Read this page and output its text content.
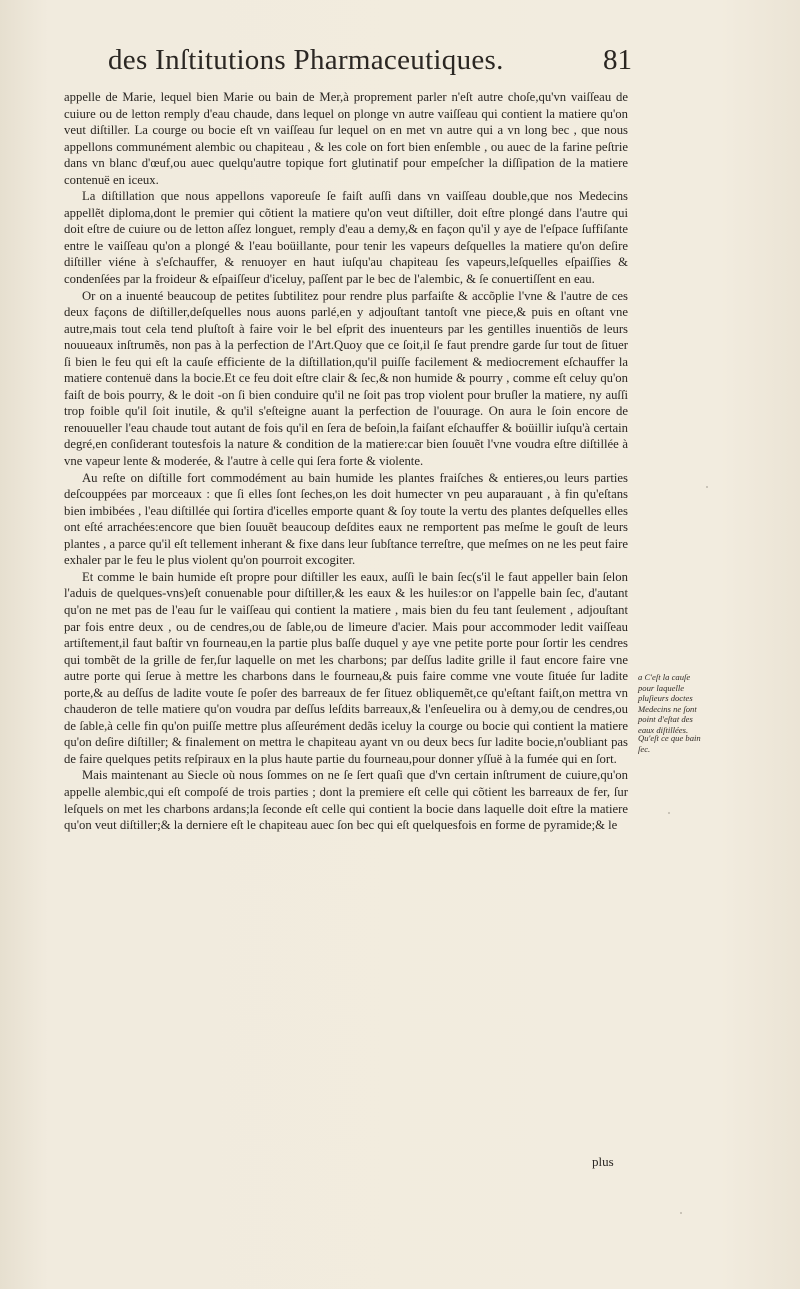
des Inſtitutions Pharmaceutiques.	81

appelle de Marie, lequel bien Marie ou bain de Mer,à proprement parler n'eſt autre choſe,qu'vn vaiſſeau de cuiure ou de letton remply d'eau chaude, dans lequel on plonge vn autre vaiſſeau qui contient la matiere qu'on veut diſtiller. La courge ou bocie eſt vn vaiſſeau ſur lequel on en met vn autre qui a vn long bec , que nous appellons communément alembic ou chapiteau , & les cole on fort bien enſemble , ou auec de la farine peſtrie dans vn blanc d'œuf,ou auec quelqu'autre topique fort glutinatif pour empeſcher la diſſipation de la matiere contenuë en iceux.

La diſtillation que nous appellons vaporeuſe ſe faiſt auſſi dans vn vaiſſeau double,que nos Medecins appellẽt diploma,dont le premier qui cõtient la matiere qu'on veut diſtiller, doit eſtre plongé dans l'autre qui doit eſtre de cuiure ou de letton aſſez longuet, remply d'eau a demy,& en façon qu'il y aye de l'eſpace ſuffiſante entre le vaiſſeau qu'on a plongé & l'eau boüillante, pour tenir les vapeurs deſquelles la matiere qu'on deſire diſtiller viéne à s'eſchauffer, & renuoyer en haut iuſqu'au chapiteau ſes vapeurs,leſquelles eſpaiſſies & condenſées par la froideur & eſpaiſſeur d'iceluy, paſſent par le bec de l'alembic, & ſe conuertiſſent en eau.

Or on a inuenté beaucoup de petites ſubtilitez pour rendre plus parfaiſte & accõplie l'vne & l'autre de ces deux façons de diſtiller,deſquelles nous auons parlé,en y adjouſtant tantoſt vne piece,& puis en oſtant vne autre,mais tout cela tend pluſtoſt à faire voir le bel eſprit des inuenteurs par les gentilles inuentiõs de leurs nouueaux inſtrumẽs, non pas à la perfection de l'Art.Quoy que ce ſoit,il ſe faut prendre garde ſur tout de ſituer ſi bien le feu qui eſt la cauſe efficiente de la diſtillation,qu'il puiſſe facilement & mediocrement eſchauffer la matiere contenuë dans la bocie.Et ce feu doit eſtre clair & ſec,& non humide & pourry , comme eſt celuy qu'on faiſt de bois pourry, & le doit -on ſi bien conduire qu'il ne ſoit pas trop violent pour bruſler la matiere, ny auſſi trop foible qu'il ſoit inutile, & qu'il s'eſteigne auant la perfection de l'ouurage. On aura le ſoin encore de renouueller l'eau chaude tout autant de fois qu'il en ſera de beſoin,la faiſant eſchauffer & boüillir iuſqu'à certain degré,en conſiderant toutesfois la nature & condition de la matiere:car bien ſouuẽt l'vne voudra eſtre diſtillée à vne vapeur lente & moderée, & l'autre à celle qui ſera forte & violente.

Au reſte on diſtille fort commodément au bain humide les plantes fraiſches & entieres,ou leurs parties deſcouppées par morceaux : que ſi elles ſont ſeches,on les doit humecter vn peu auparauant , à fin qu'eſtans bien imbibées , l'eau diſtillée qui ſortira d'icelles emporte quant & ſoy toute la vertu des plantes deſquelles elles ont eſté arrachées:encore que bien ſouuẽt beaucoup deſdites eaux ne remportent pas meſme le gouſt de leurs plantes , a parce qu'il eſt tellement inherant & fixe dans leur ſubſtance terreſtre, que meſmes on ne les peut faire exhaler par le feu le plus violent qu'on pourroit excogiter.

Et comme le bain humide eſt propre pour diſtiller les eaux, auſſi le bain ſec(s'il le faut appeller bain ſelon l'aduis de quelques-vns)eſt conuenable pour diſtiller,& les eaux & les huiles:or on l'appelle bain ſec, d'autant qu'on ne met pas de l'eau ſur le vaiſſeau qui contient la matiere , mais bien du feu tant ſeulement , adjouſtant par fois entre deux , ou de cendres,ou de ſable,ou de limeure d'acier. Mais pour accommoder ledit vaiſſeau artiſtement,il faut baſtir vn fourneau,en la partie plus baſſe duquel y aye vne petite porte pour ſortir les cendres qui tombẽt de la grille de fer,ſur laquelle on met les charbons; par deſſus ladite grille il faut encore faire vne autre porte qui ſerue à mettre les charbons dans le fourneau,& puis faire comme vne voute ſituée ſur ladite porte,& au deſſus de ladite voute ſe poſer des barreaux de fer ſituez obliquemẽt,ce qu'eſtant faiſt,on mettra vn chauderon de telle matiere qu'on voudra par deſſus leſdits barreaux,& l'enſeuelira ou à demy,ou de cendres,ou de ſable,à celle fin qu'on puiſſe mettre plus aſſeurément dedãs iceluy la courge ou bocie qui contient la matiere qu'on deſire diſtiller; & finalement on mettra le chapiteau ayant vn ou deux becs ſur ladite bocie,n'oubliant pas de faire quelques petits reſpiraux en la plus haute partie du fourneau,pour donner yſſuë à la fumée qui en ſort.

Mais maintenant au Siecle où nous ſommes on ne ſe ſert quaſi que d'vn certain inſtrument de cuiure,qu'on appelle alembic,qui eſt compoſé de trois parties ; dont la premiere eſt celle qui cõtient les barreaux de fer, ſur leſquels on met les charbons ardans;la ſeconde eſt celle qui contient la bocie dans laquelle doit eſtre la matiere qu'on veut diſtiller;& la derniere eſt le chapiteau auec ſon bec qui eſt quelquesfois en forme de pyramide;& le

a C'eſt la cauſe pour laquelle pluſieurs doctes Medecins ne ſont point d'eſtat des eaux diſtillées.
Qu'eſt ce que bain ſec.
plus
